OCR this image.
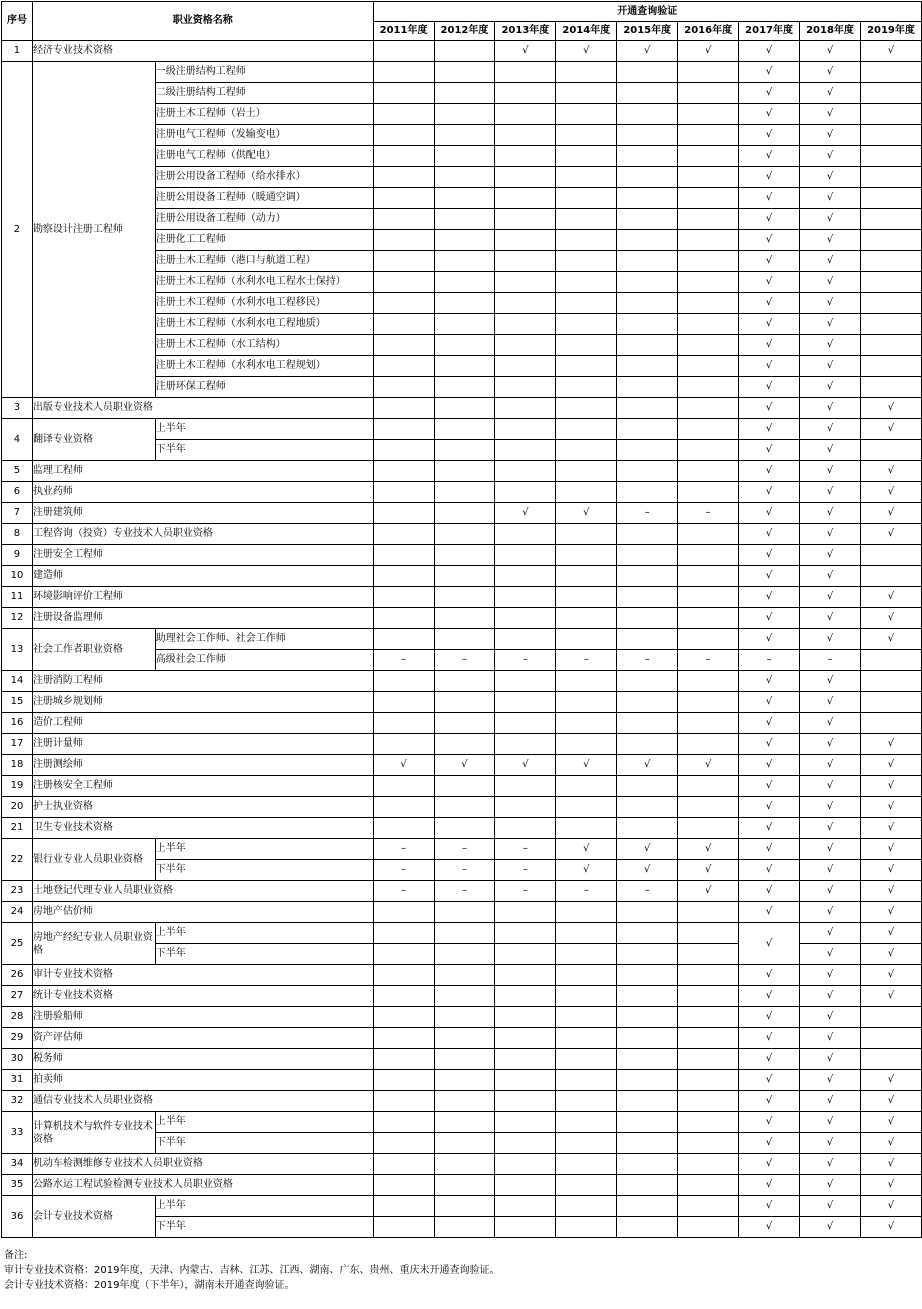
序号	职业资格名称		开通查询验证								
			2011年度	2012年度	2013年度	2014年度	2015年度	2016年度	2017年度	2018年度	2019年度
1	经济专业技术资格				√	√	√	√	√	√	√
2	勘察设计注册工程师	一级注册结构工程师							√	√	
		二级注册结构工程师							√	√	
		注册土木工程师（岩土）							√	√	
		注册电气工程师（发输变电）							√	√	
		注册电气工程师（供配电）							√	√	
		注册公用设备工程师（给水排水）							√	√	
		注册公用设备工程师（暖通空调）							√	√	
		注册公用设备工程师（动力）							√	√	
		注册化工工程师							√	√	
		注册土木工程师（港口与航道工程）							√	√	
		注册土木工程师（水利水电工程水土保持）							√	√	
		注册土木工程师（水利水电工程移民）							√	√	
		注册土木工程师（水利水电工程地质）							√	√	
		注册土木工程师（水工结构）							√	√	
		注册土木工程师（水利水电工程规划）							√	√	
		注册环保工程师							√	√	
3	出版专业技术人员职业资格								√	√	√
4	翻译专业资格	上半年							√	√	√
		下半年							√	√	
5	监理工程师								√	√	√
6	执业药师								√	√	√
7	注册建筑师				√	√	–	–	√	√	√
8	工程咨询（投资）专业技术人员职业资格								√	√	√
9	注册安全工程师								√	√	
10	建造师								√	√	
11	环境影响评价工程师								√	√	√
12	注册设备监理师								√	√	√
13	社会工作者职业资格	助理社会工作师、社会工作师							√	√	√
		高级社会工作师	–	–	–	–	–	–	–	–	
14	注册消防工程师								√	√	
15	注册城乡规划师								√	√	
16	造价工程师								√	√	
17	注册计量师								√	√	√
18	注册测绘师		√	√	√	√	√	√	√	√	√
19	注册核安全工程师								√	√	√
20	护士执业资格								√	√	√
21	卫生专业技术资格								√	√	√
22	银行业专业人员职业资格	上半年	–	–	–	√	√	√	√	√	√
		下半年	–	–	–	√	√	√	√	√	√
23	土地登记代理专业人员职业资格		–	–	–	–	–	√	√	√	√
24	房地产估价师								√	√	√
25	房地产经纪专业人员职业资格	上半年							√	√	√
		下半年								√	√
26	审计专业技术资格								√	√	√
27	统计专业技术资格								√	√	√
28	注册验船师								√	√	
29	资产评估师								√	√	
30	税务师								√	√	
31	拍卖师								√	√	√
32	通信专业技术人员职业资格								√	√	√
33	计算机技术与软件专业技术资格	上半年							√	√	√
		下半年							√	√	√
34	机动车检测维修专业技术人员职业资格								√	√	√
35	公路水运工程试验检测专业技术人员职业资格								√	√	√
36	会计专业技术资格	上半年							√	√	√
		下半年							√	√	√
备注:
审计专业技术资格：2019年度，天津、内蒙古、吉林、江苏、江西、湖南、广东、贵州、重庆未开通查询验证。
会计专业技术资格：2019年度（下半年），湖南未开通查询验证。
